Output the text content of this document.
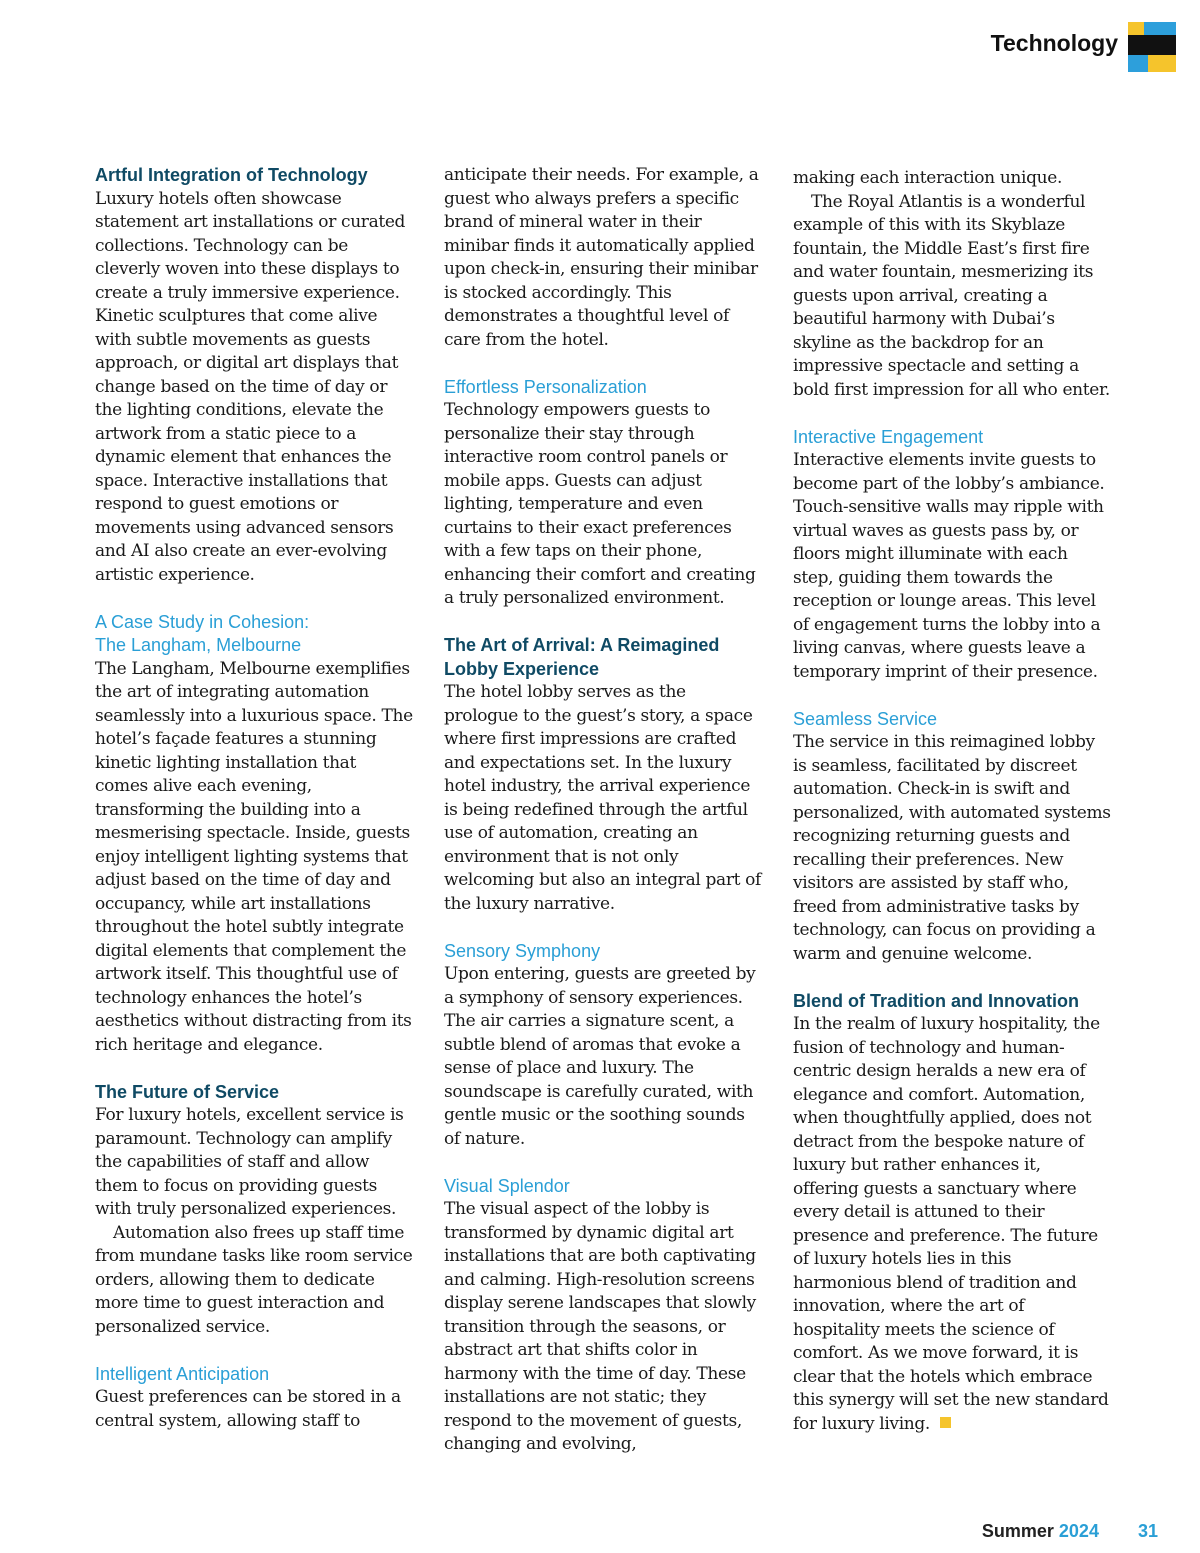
Technology
Artful Integration of Technology

Luxury hotels often showcase statement art installations or curated collections. Technology can be cleverly woven into these displays to create a truly immersive experience. Kinetic sculptures that come alive with subtle movements as guests approach, or digital art displays that change based on the time of day or the lighting conditions, elevate the artwork from a static piece to a dynamic element that enhances the space. Interactive installations that respond to guest emotions or movements using advanced sensors and AI also create an ever-evolving artistic experience.

A Case Study in Cohesion:
The Langham, Melbourne

The Langham, Melbourne exemplifies the art of integrating automation seamlessly into a luxurious space. The hotel’s façade features a stunning kinetic lighting installation that comes alive each evening, transforming the building into a mesmerising spectacle. Inside, guests enjoy intelligent lighting systems that adjust based on the time of day and occupancy, while art installations throughout the hotel subtly integrate digital elements that complement the artwork itself. This thoughtful use of technology enhances the hotel’s aesthetics without distracting from its rich heritage and elegance.

The Future of Service

For luxury hotels, excellent service is paramount. Technology can amplify the capabilities of staff and allow them to focus on providing guests with truly personalized experiences.

Automation also frees up staff time from mundane tasks like room service orders, allowing them to dedicate more time to guest interaction and personalized service.

Intelligent Anticipation

Guest preferences can be stored in a central system, allowing staff to

anticipate their needs. For example, a guest who always prefers a specific brand of mineral water in their minibar finds it automatically applied upon check-in, ensuring their minibar is stocked accordingly. This demonstrates a thoughtful level of care from the hotel.

Effortless Personalization

Technology empowers guests to personalize their stay through interactive room control panels or mobile apps. Guests can adjust lighting, temperature and even curtains to their exact preferences with a few taps on their phone, enhancing their comfort and creating a truly personalized environment.

The Art of Arrival: A Reimagined
Lobby Experience

The hotel lobby serves as the prologue to the guest’s story, a space where first impressions are crafted and expectations set. In the luxury hotel industry, the arrival experience is being redefined through the artful use of automation, creating an environment that is not only welcoming but also an integral part of the luxury narrative.

Sensory Symphony

Upon entering, guests are greeted by a symphony of sensory experiences. The air carries a signature scent, a subtle blend of aromas that evoke a sense of place and luxury. The soundscape is carefully curated, with gentle music or the soothing sounds of nature.

Visual Splendor

The visual aspect of the lobby is transformed by dynamic digital art installations that are both captivating and calming. High-resolution screens display serene landscapes that slowly transition through the seasons, or abstract art that shifts color in harmony with the time of day. These installations are not static; they respond to the movement of guests, changing and evolving,

making each interaction unique.

The Royal Atlantis is a wonderful example of this with its Skyblaze fountain, the Middle East’s first fire and water fountain, mesmerizing its guests upon arrival, creating a beautiful harmony with Dubai’s skyline as the backdrop for an impressive spectacle and setting a bold first impression for all who enter.

Interactive Engagement

Interactive elements invite guests to become part of the lobby’s ambiance. Touch-sensitive walls may ripple with virtual waves as guests pass by, or floors might illuminate with each step, guiding them towards the reception or lounge areas. This level of engagement turns the lobby into a living canvas, where guests leave a temporary imprint of their presence.

Seamless Service

The service in this reimagined lobby is seamless, facilitated by discreet automation. Check-in is swift and personalized, with automated systems recognizing returning guests and recalling their preferences. New visitors are assisted by staff who, freed from administrative tasks by technology, can focus on providing a warm and genuine welcome.

Blend of Tradition and Innovation

In the realm of luxury hospitality, the fusion of technology and human-centric design heralds a new era of elegance and comfort. Automation, when thoughtfully applied, does not detract from the bespoke nature of luxury but rather enhances it, offering guests a sanctuary where every detail is attuned to their presence and preference. The future of luxury hotels lies in this harmonious blend of tradition and innovation, where the art of hospitality meets the science of comfort. As we move forward, it is clear that the hotels which embrace this synergy will set the new standard for luxury living.

Summer 2024 31
